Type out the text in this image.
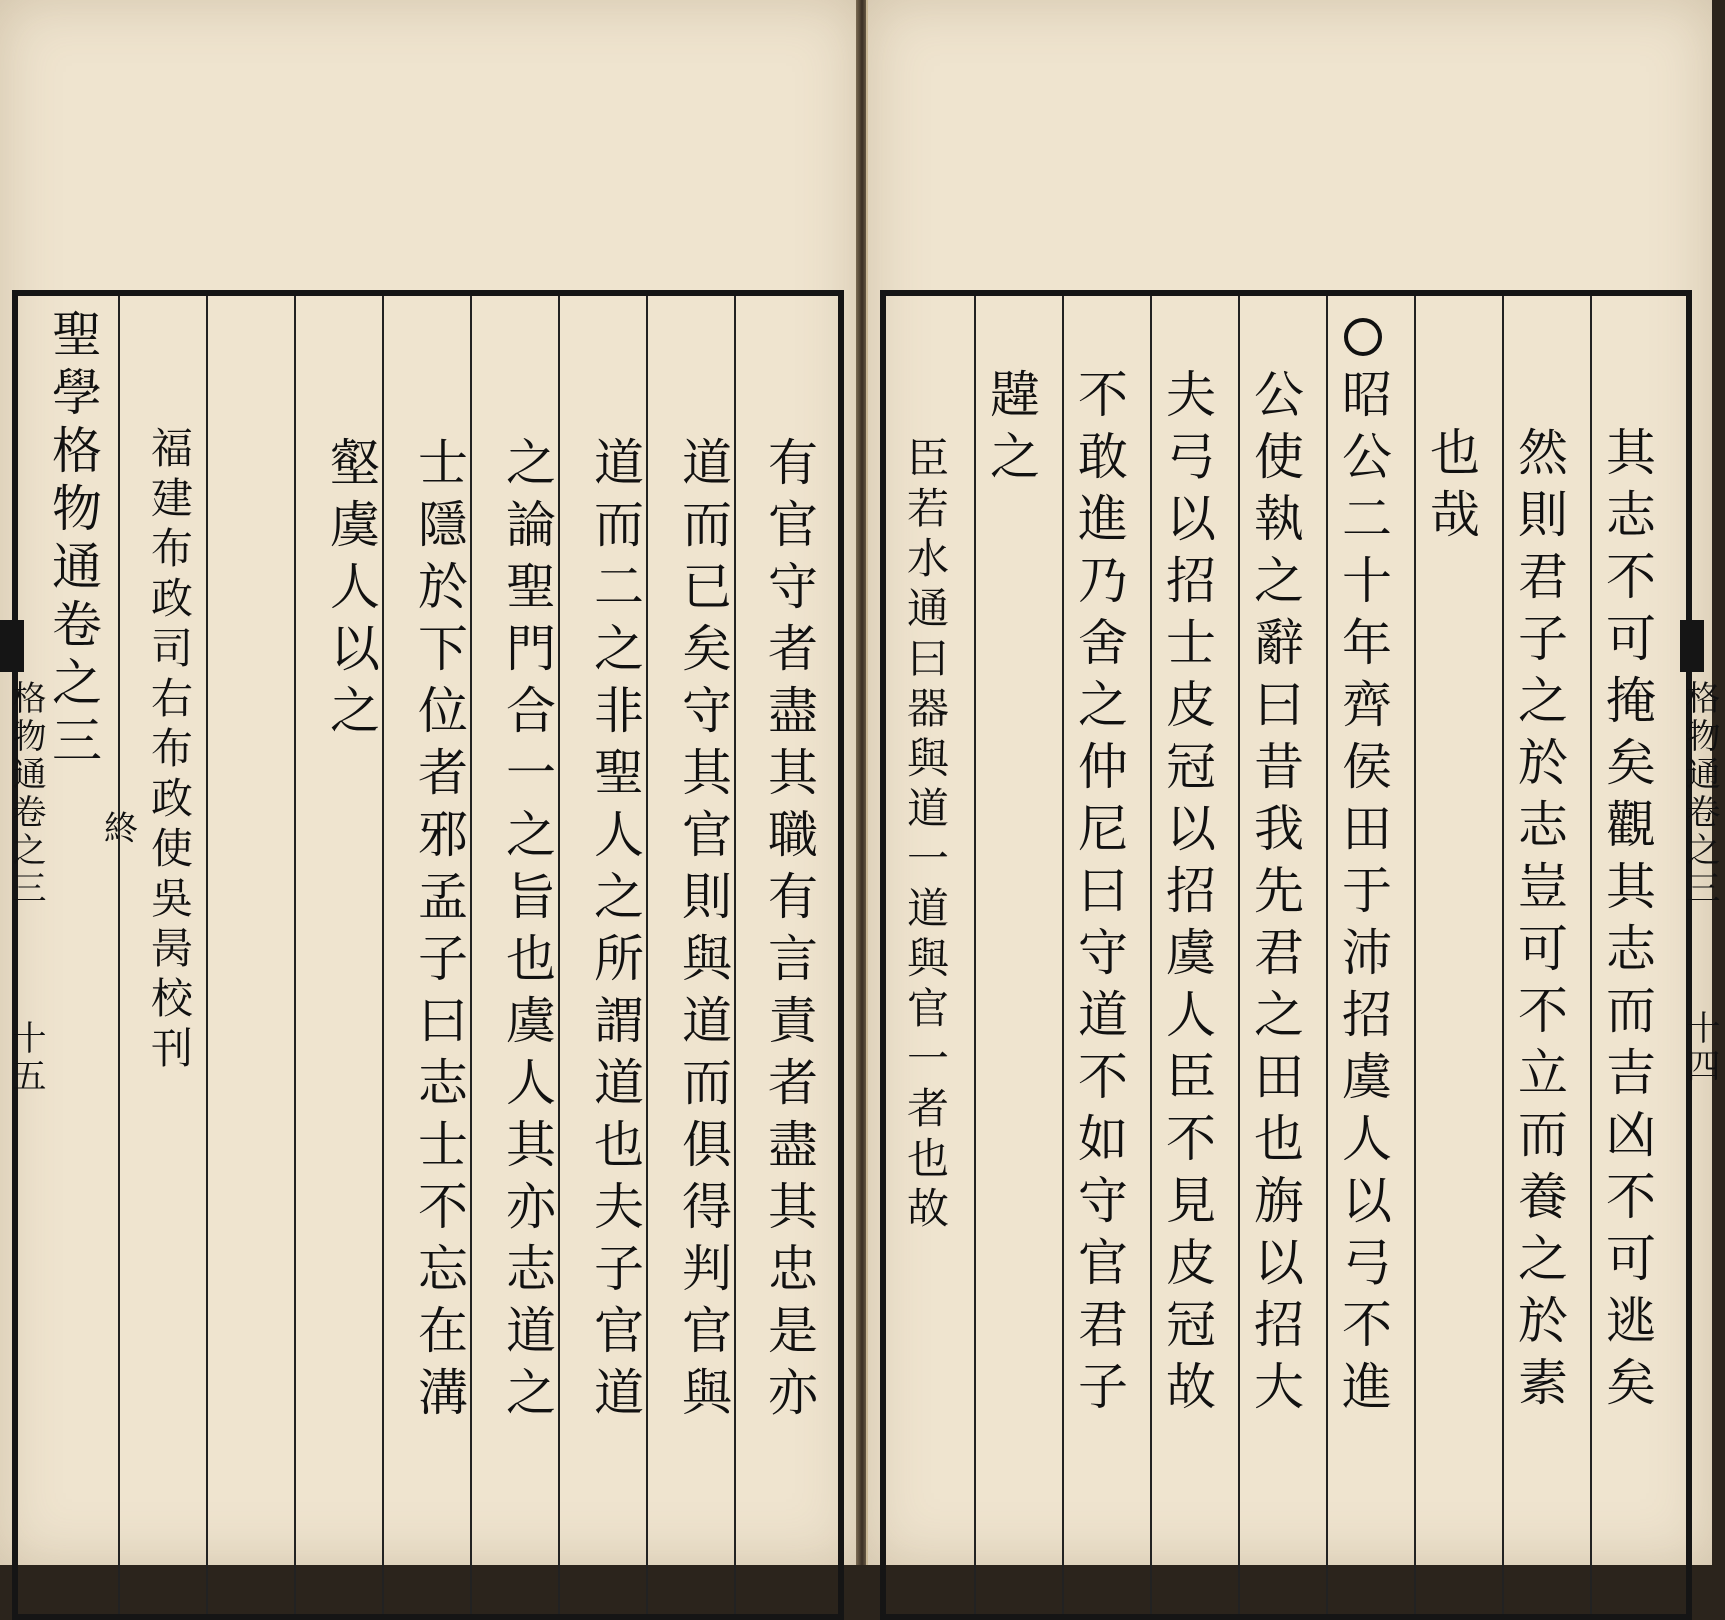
有官守者盡其職有言責者盡其忠是亦
道而已矣守其官則與道而俱得判官與
道而二之非聖人之所謂道也夫子官道
之論聖門合一之旨也虞人其亦志道之
士隱於下位者邪孟子曰志士不忘在溝
壑虞人以之
福建布政司右布政使吳昺校刊
聖學格物通卷之三
終
格物通卷之三
十五	其志不可掩矣觀其志而吉凶不可逃矣
然則君子之於志豈可不立而養之於素
也哉
昭公二十年齊侯田于沛招虞人以弓不進
公使執之辭曰昔我先君之田也旃以招大
夫弓以招士皮冠以招虞人臣不見皮冠故
不敢進乃舍之仲尼曰守道不如守官君子
韙之
臣若水通曰器與道一道與官一者也故	格物通卷之三
十四
